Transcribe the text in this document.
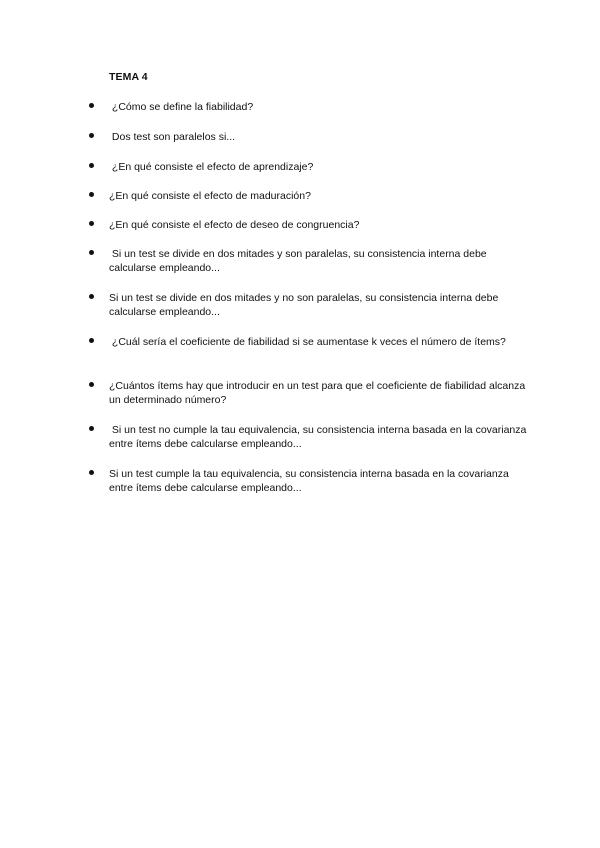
TEMA 4
¿Cómo se define la fiabilidad?
Dos test son paralelos si...
¿En qué consiste el efecto de aprendizaje?
¿En qué consiste el efecto de maduración?
¿En qué consiste el efecto de deseo de congruencia?
Si un test se divide en dos mitades y son paralelas, su consistencia interna debe calcularse empleando...
Si un test se divide en dos mitades y no son paralelas, su consistencia interna debe calcularse empleando...
¿Cuál sería el coeficiente de fiabilidad si se aumentase k veces el número de ítems?
¿Cuántos ítems hay que introducir en un test para que el coeficiente de fiabilidad alcanza un determinado número?
Si un test no cumple la tau equivalencia, su consistencia interna basada en la covarianza entre ítems debe calcularse empleando...
Si un test cumple la tau equivalencia, su consistencia interna basada en la covarianza entre ítems debe calcularse empleando...
